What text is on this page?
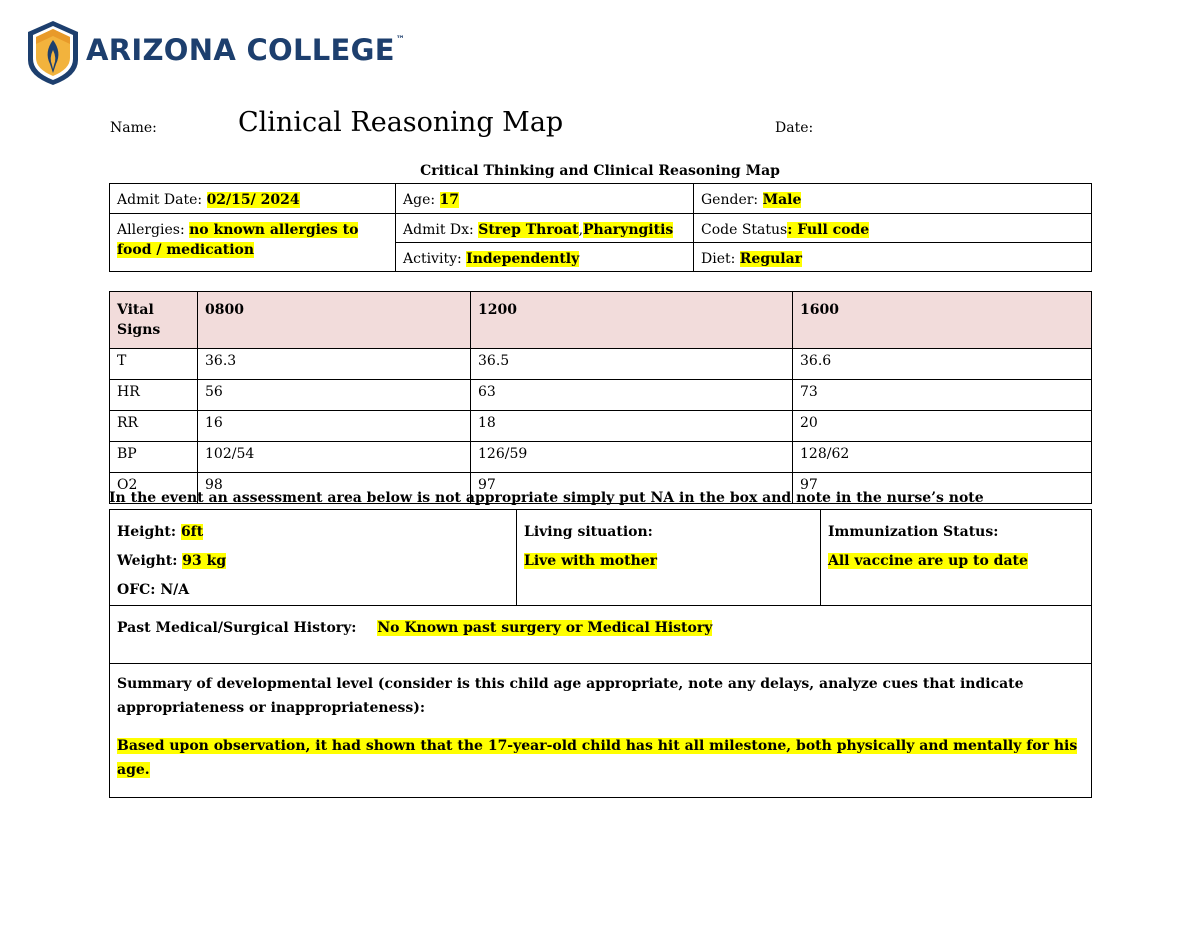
ARIZONA COLLEGE™
Name:	Clinical Reasoning Map	Date:
Critical Thinking and Clinical Reasoning Map
Admit Date: 02/15/ 2024	Age: 17	Gender: Male
Allergies: no known allergies to food / medication	Admit Dx: Strep Throat,Pharyngitis	Code Status: Full code
	Activity: Independently	Diet: Regular
Vital Signs	0800	1200	1600
T	36.3	36.5	36.6
HR	56	63	73
RR	16	18	20
BP	102/54	126/59	128/62
O2	98	97	97
In the event an assessment area below is not appropriate simply put NA in the box and note in the nurse’s note

Height: 6ft

Weight: 93 kg

OFC: N/A

Living situation:

Live with mother

Immunization Status:

All vaccine are up to date

Past Medical/Surgical History: No Known past surgery or Medical History

Summary of developmental level (consider is this child age appropriate, note any delays, analyze cues that indicate appropriateness or inappropriateness):

Based upon observation, it had shown that the 17-year-old child has hit all milestone, both physically and mentally for his age.
